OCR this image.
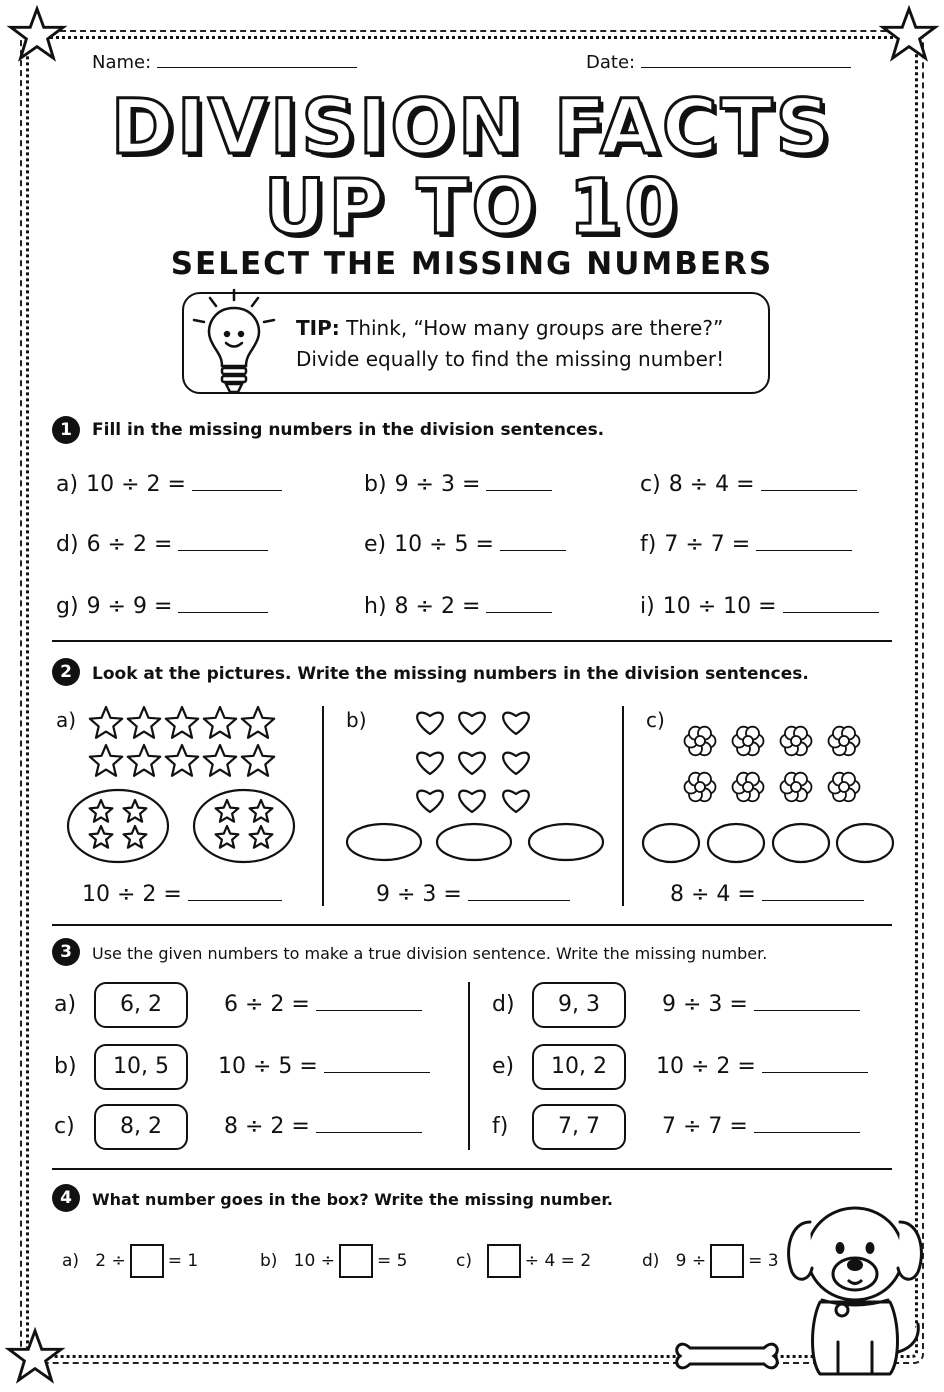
Name:	Date:
DIVISION FACTS
UP TO 10
SELECT THE MISSING NUMBERS
TIP: Think, “How many groups are there?”
Divide equally to find the missing number!
1	Fill in the missing numbers in the division sentences.
a) 10 ÷ 2 =	b) 9 ÷ 3 =	c) 8 ÷ 4 =
d) 6 ÷ 2 =	e) 10 ÷ 5 =	f) 7 ÷ 7 =
g) 9 ÷ 9 =	h) 8 ÷ 2 =	i) 10 ÷ 10 =
2	Look at the pictures. Write the missing numbers in the division sentences.
a)	b)	c)
10 ÷ 2 =	9 ÷ 3 =	8 ÷ 4 =
3	Use the given numbers to make a true division sentence. Write the missing number.
a)	6, 2	6 ÷ 2 =
b)	10, 5	10 ÷ 5 =
c)	8, 2	8 ÷ 2 =
d)	9, 3	9 ÷ 3 =
e)	10, 2	10 ÷ 2 =
f)	7, 7	7 ÷ 7 =
4	What number goes in the box? Write the missing number.
a) 2 ÷ = 1	b) 10 ÷ = 5	c)	÷ 4 = 2	d) 9 ÷ = 3
